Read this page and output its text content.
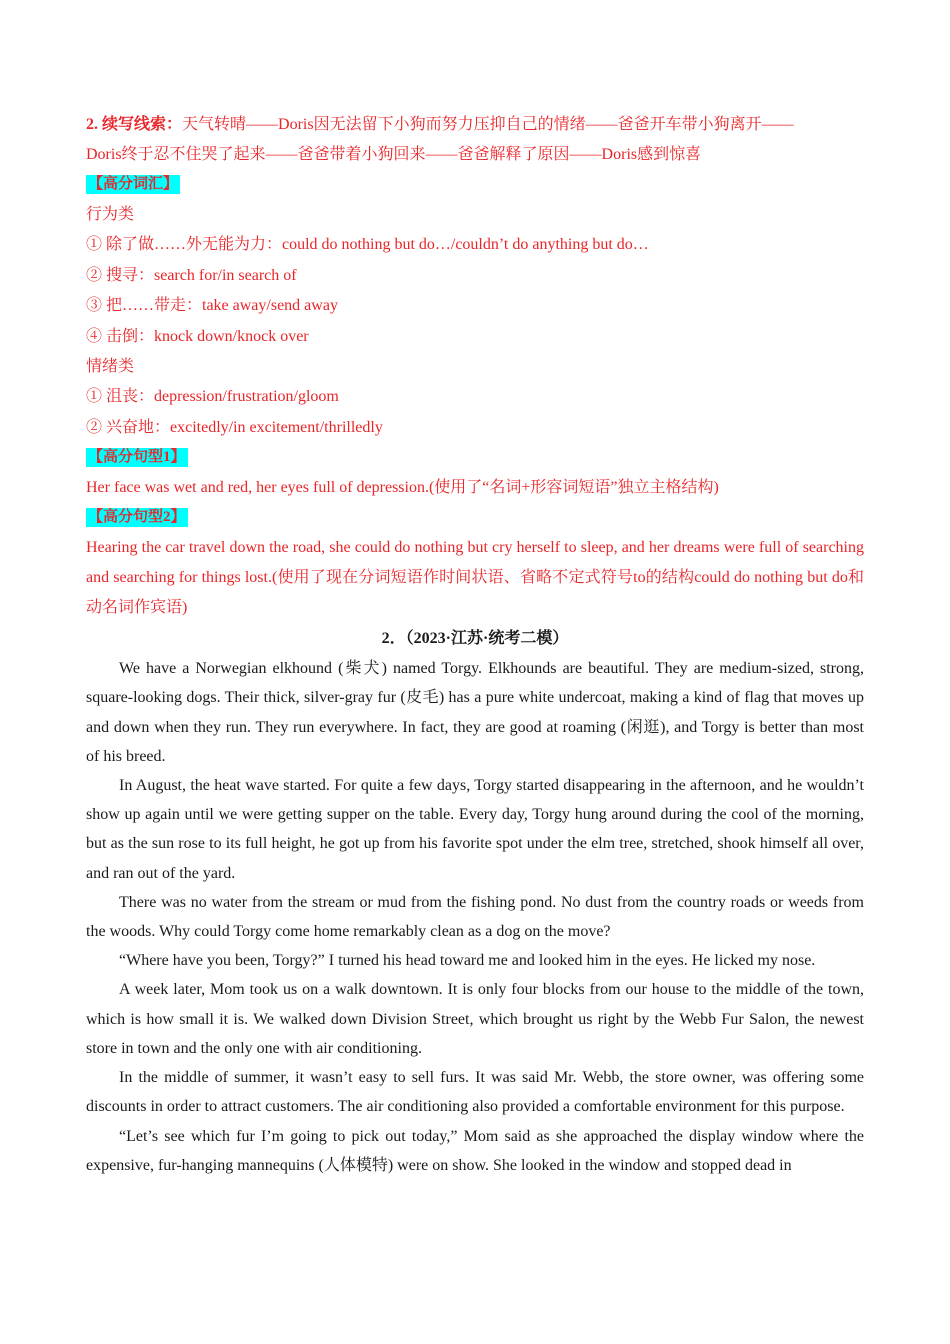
2. 续写线索：天气转晴——Doris因无法留下小狗而努力压抑自己的情绪——爸爸开车带小狗离开——
Doris终于忍不住哭了起来——爸爸带着小狗回来——爸爸解释了原因——Doris感到惊喜
【高分词汇】
行为类
① 除了做……外无能为力：could do nothing but do…/couldn’t do anything but do…
② 搜寻：search for/in search of
③ 把……带走：take away/send away
④ 击倒：knock down/knock over
情绪类
① 沮丧：depression/frustration/gloom
② 兴奋地：excitedly/in excitement/thrilledly
【高分句型1】
Her face was wet and red, her eyes full of depression.(使用了“名词+形容词短语”独立主格结构)
【高分句型2】
Hearing the car travel down the road, she could do nothing but cry herself to sleep, and her dreams were full of searching and searching for things lost.(使用了现在分词短语作时间状语、省略不定式符号to的结构could do nothing but do和动名词作宾语)
2．（2023·江苏·统考二模）

We have a Norwegian elkhound (柴犬) named Torgy. Elkhounds are beautiful. They are medium-sized, strong, square-looking dogs. Their thick, silver-gray fur (皮毛) has a pure white undercoat, making a kind of flag that moves up and down when they run. They run everywhere. In fact, they are good at roaming (闲逛), and Torgy is better than most of his breed.

In August, the heat wave started. For quite a few days, Torgy started disappearing in the afternoon, and he wouldn’t show up again until we were getting supper on the table. Every day, Torgy hung around during the cool of the morning, but as the sun rose to its full height, he got up from his favorite spot under the elm tree, stretched, shook himself all over, and ran out of the yard.

There was no water from the stream or mud from the fishing pond. No dust from the country roads or weeds from the woods. Why could Torgy come home remarkably clean as a dog on the move?

“Where have you been, Torgy?” I turned his head toward me and looked him in the eyes. He licked my nose.

A week later, Mom took us on a walk downtown. It is only four blocks from our house to the middle of the town, which is how small it is. We walked down Division Street, which brought us right by the Webb Fur Salon, the newest store in town and the only one with air conditioning.

In the middle of summer, it wasn’t easy to sell furs. It was said Mr. Webb, the store owner, was offering some discounts in order to attract customers. The air conditioning also provided a comfortable environment for this purpose.

“Let’s see which fur I’m going to pick out today,” Mom said as she approached the display window where the expensive, fur-hanging mannequins (人体模特) were on show. She looked in the window and stopped dead in
